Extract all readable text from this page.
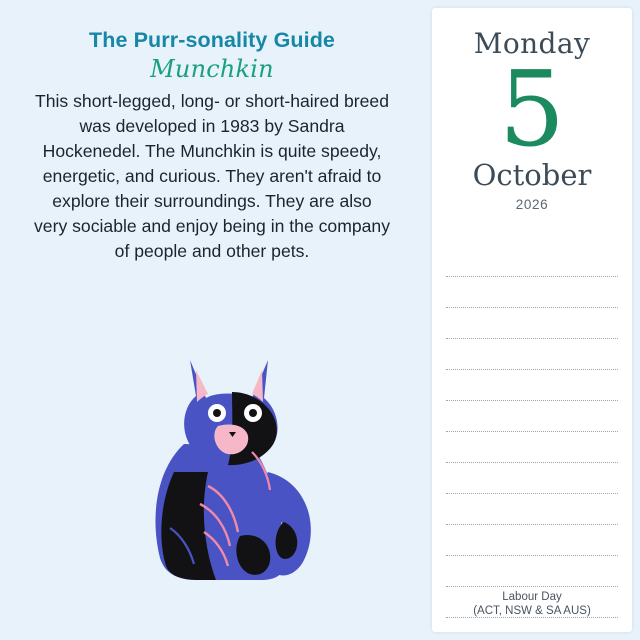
The Purr-sonality Guide
Munchkin
This short-legged, long- or short-haired breed was developed in 1983 by Sandra Hockenedel. The Munchkin is quite speedy, energetic, and curious. They aren't afraid to explore their surroundings. They are also very sociable and enjoy being in the company of people and other pets.
Monday
5
October
2026
Labour Day
(ACT, NSW & SA AUS)
